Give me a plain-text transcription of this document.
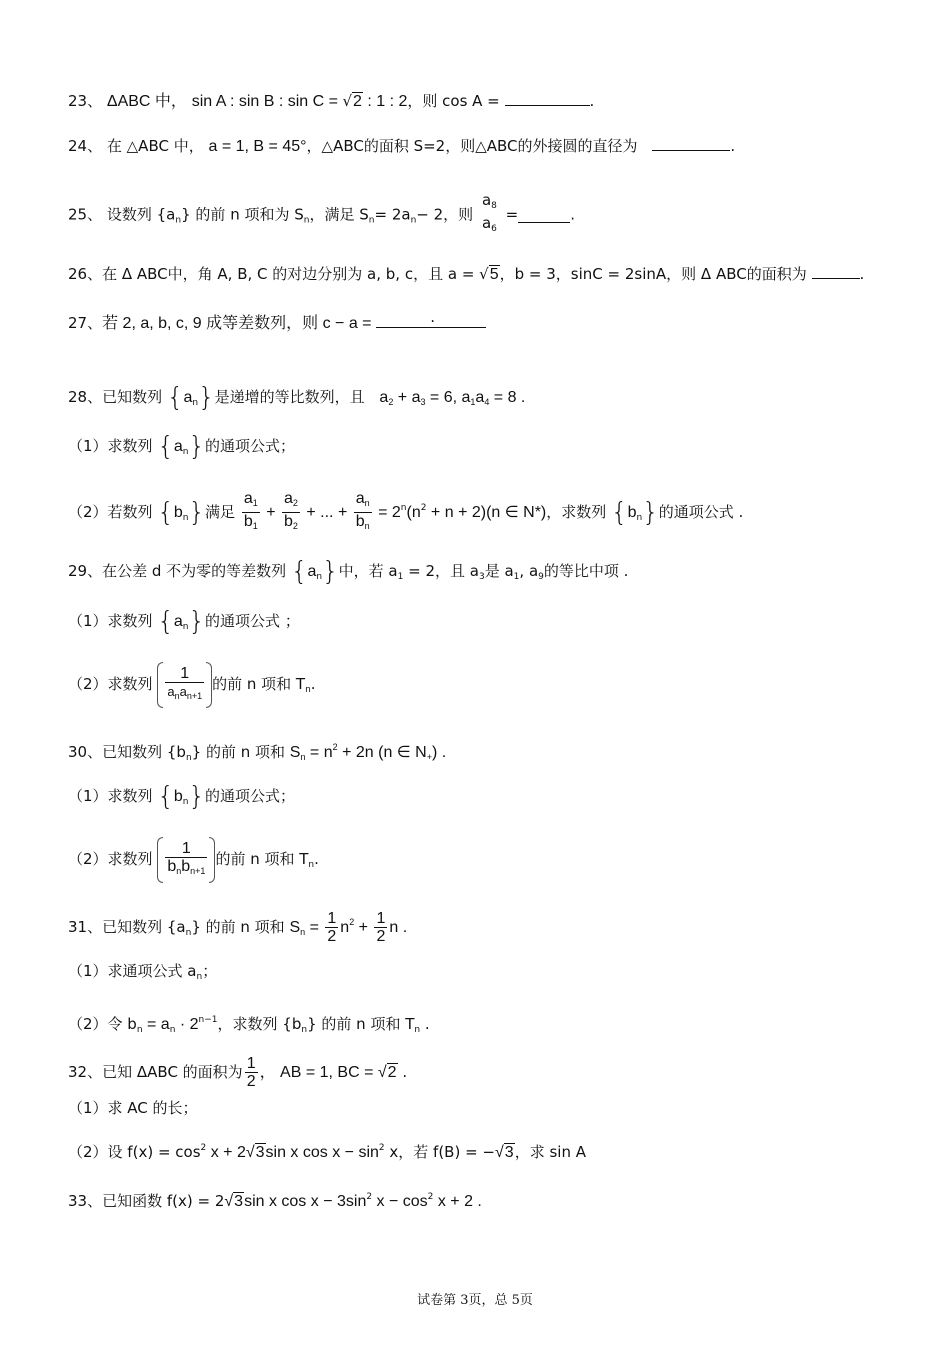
23、 ΔABC 中， sin A : sin B : sin C = √2 : 1 : 2，则 cos A =	.
24、 在 △ABC 中， a = 1, B = 45°，△ABC的面积 S=2，则△ABC的外接圆的直径为	.
25、 设数列 $\{a_n\}$ 的前 n 项和为 $S_n$，满足 $S_n= 2a_n- 2$，则
$a_8$
$a_6$
=	.
26、在 Δ ABC中，角 A, B, C 的对边分别为 a, b, c，且 a = √5，b = 3，sinC = 2sinA，则 Δ ABC的面积为	.
27、若 2, a, b, c, 9 成等差数列，则 c − a =	.
28、已知数列 $\{a_n\}$是递增的等比数列，且 $a_2 + a_3 = 6$, $a_1a_4 = 8$ .
（1）求数列 $\{a_n\}$的通项公式；
（2）若数列 $\{b_n\}$满足 $\frac{a_1}{b_1} + \frac{a_2}{b_2}$ + ... + $\frac{a_n}{b_n} = 2^n(n^2 + n + 2)(n$ ∈ N*)，求数列 $\{b_n\}$的通项公式 .
29、在公差 d 不为零的等差数列 $\{a_n\}$中，若 $a_1 = 2$，且 $a_3$是 $a_1$, $a_9$的等比中项 .
（1）求数列 $\{a_n\}$的通项公式 ；
（2）求数列 $\frac{1}{a_na_{n+1}}$ 的前 n 项和 $T_n$.
30、已知数列 $\{b_n\}$ 的前 n 项和 $S_n = n^2 + 2n$ (n ∈ $N_+$) .
（1）求数列 $\{b_n\}$的通项公式；
（2）求数列 $\frac{1}{b_nb_{n+1}}$ 的前 n 项和 $T_n$.
31、已知数列 $\{a_n\}$ 的前 n 项和 $S_n = \frac{1}{2} n^2 + \frac{1}{2}$ n .
（1）求通项公式 $a_n$；
（2）令 $b_n = a_n \cdot 2^{n-1}$，求数列 $\{b_n\}$ 的前 n 项和 $T_n$ .
32、已知 ΔABC 的面积为 $\frac{1}{2}$ ， AB = 1, BC = √2 .
（1）求 AC 的长；
（2）设 $f(x) = \cos^2 x + 2√3\sin$ x $\cos x - \sin^2 x$，若 f(B) = −√3，求 sin A
33、已知函数 f(x) = 2√3sin x $\cos x - 3\sin^2$ $x - \cos^2 x + 2$ .
试卷第 3页，总 5页
